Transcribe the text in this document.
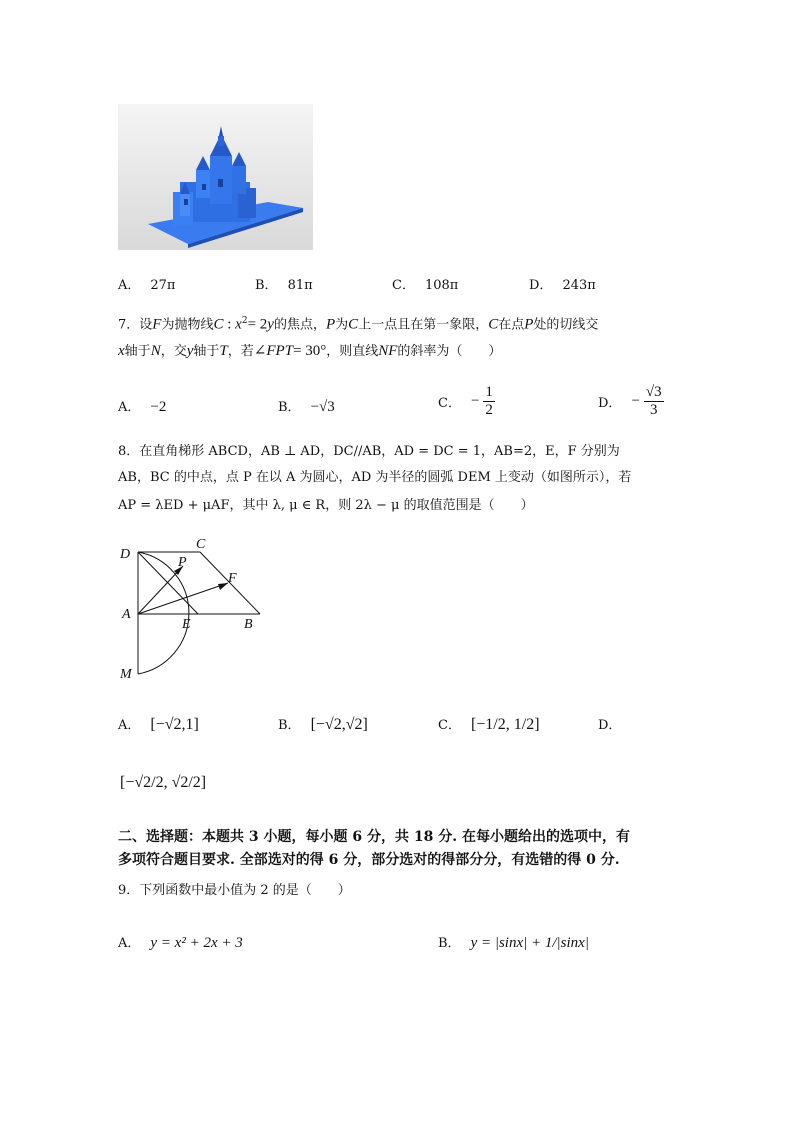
A． 27π	B． 81π	C． 108π	D． 243π
7．设F为抛物线C : $x^2= 2y$的焦点，P为C上一点且在第一象限，C在点P处的切线交
x轴于N，交y轴于T，若∠FPT= 30°，则直线NF的斜率为（　　）
A． −2	B． −√3	C． − $\frac{1}{2}$	D． − $\frac{√3}{3}$
8．在直角梯形 ABCD，AB ⊥ AD，DC//AB，AD = DC = 1，AB=2，E，F 分别为
AB，BC 的中点，点 P 在以 A 为圆心，AD 为半径的圆弧 DEM 上变动（如图所示），若
AP = λED + μAF，其中 λ, μ ∈ R，则 2λ − μ 的取值范围是（　　）
D
C
P
F
A
E	B
M
A． [−√2,1]	B． [−√2,√2]	C． [−1/2, 1/2]	D．
[−√2/2, √2/2]
二、选择题：本题共 3 小题，每小题 6 分，共 18 分. 在每小题给出的选项中，有
多项符合题目要求. 全部选对的得 6 分，部分选对的得部分分，有选错的得 0 分.
9．下列函数中最小值为 2 的是（　　）
A． y = x² + 2x + 3	B． y = |sinx| + 1/|sinx|
